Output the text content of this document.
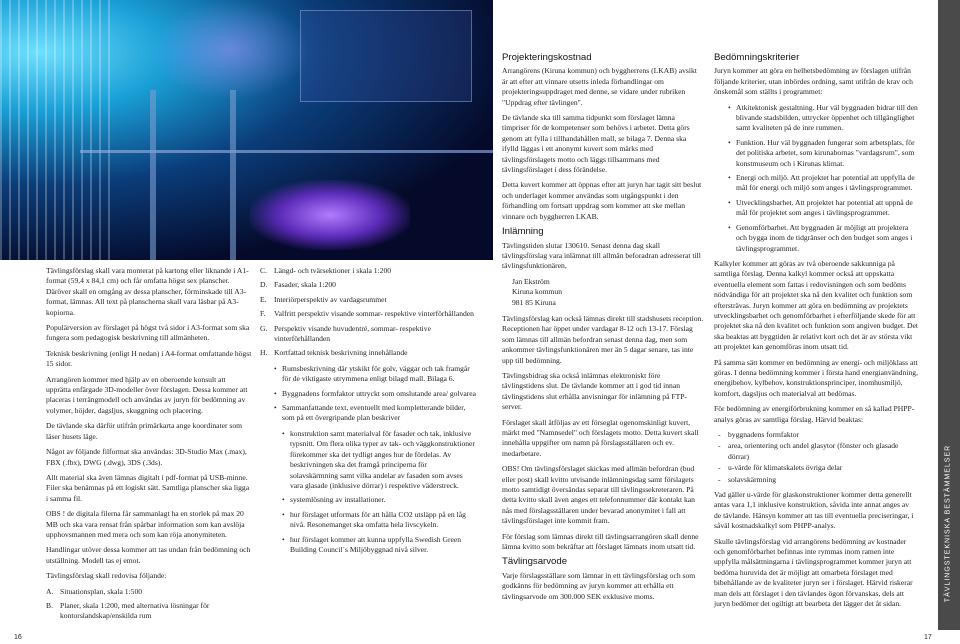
Tävlingsförslag skall vara monterat på kartong eller liknande i A1-format (59,4 x 84,1 cm) och får omfatta högst sex planscher. Däröver skall en omgång av dessa planscher, förminskade till A3-format, lämnas. All text på planscherna skall vara läsbar på A3-kopiorna.

Populärversion av förslaget på högst två sidor i A3-format som ska fungera som pedagogisk beskrivning till allmänheten.

Teknisk beskrivning (enligt H nedan) i A4-format omfattande högst 15 sidor.

Arrangören kommer med hjälp av en oberoende konsult att upprätta enfärgade 3D-modeller över förslagen. Dessa kommer att placeras i terrängmodell och användas av juryn för bedömning av volymer, höjder, dagsljus, skuggning och placering.

De tävlande ska därför utifrån primärkarta ange koordinater som läser husets läge.

Något av följande filformat ska användas: 3D-Studio Max (.max), FBX (.fbx), DWG (.dwg), 3DS (.3ds).

Allt material ska även lämnas digitalt i pdf-format på USB-minne. Filer ska benämnas på ett logiskt sätt. Samtliga planscher ska ligga i samma fil.

OBS ! de digitala filerna får sammanlagt ha en storlek på max 20 MB och ska vara rensat från spårbar information som kan avslöja upphovsmannen med mera och som kan röja anonymiteten.

Handlingar utöver dessa kommer att tas undan från bedömning och utställning. Modell tas ej emot.

Tävlingsförslag skall redovisa följande:

A. Situationsplan, skala 1:500
B. Planer, skala 1:200, med alternativa lösningar för kontorslandskap/enskilda rum
C. Längd- och tvärsektioner i skala 1:200
D. Fasader, skala 1:200
E. Interiörperspektiv av vardagsrummet
F.	Valfritt perspektiv visande sommar- respektive vinterförhållanden
G. Perspektiv visande huvudentré, sommar- respektive vinterförhållanden
H. Kortfattad teknisk beskrivning innehållande
• Rumsbeskrivning där ytskikt för golv, väggar och tak framgår för de viktigaste utrymmena enligt bilagd mall. Bilaga 6.
• Byggnadens formfaktor uttryckt som omslutande area/ golvarea
• Sammanfattande text, eventuellt med kompletterande bilder, som på ett övergripande plan beskriver
• konstruktion samt materialval för fasader och tak, inklusive typsnitt. Om flera olika typer av tak- och väggkonstruktioner förekommer ska det tydligt anges hur de fördelas. Av beskrivningen ska det framgå principerna för solavskärmning samt vilka andelar av fasaden som avses vara glasade (inklusive dörrar) i respektive väderstreck.
• systemlösning av installationer.
• hur förslaget utformats för att hålla CO2 utsläpp på en låg nivå. Resonemanget ska omfatta hela livscykeln.
• hur förslaget kommer att kunna uppfylla Swedish Green Building Council´s Miljöbyggnad nivå silver.
Projekteringskostnad

Arrangörens (Kiruna kommun) och byggherrens (LKAB) avsikt är att efter att vinnare utsetts inleda förhandlingar om projekteringsuppdraget med denne, se vidare under rubriken "Uppdrag efter tävlingen".

De tävlande ska till samma tidpunkt som förslaget lämna timpriser för de kompetenser som behövs i arbetet. Detta görs genom att fylla i tillhandahållen mall, se bilaga 7. Denna ska ifylld läggas i ett anonymt kuvert som märks med tävlingsförslagets motto och läggs tillsammans med tävlingsförslaget i dess förändelse.

Detta kuvert kommer att öppnas efter att juryn har tagit sitt beslut och underlaget kommer användas som utgångspunkt i den förhandling om fortsatt uppdrag som kommer att ske mellan vinnare och byggherren LKAB.

Inlämning

Tävlingstiden slutar 130610. Senast denna dag skall tävlingsförslag vara inlämnat till allmän beforadran adresserat till tävlingsfunktionären,

Jan Ekström

Kiruna kommun

981 85 Kiruna

Tävlingsförslag kan också lämnas direkt till stadshusets reception. Receptionen har öppet under vardagar 8-12 och 13-17. Förslag som lämnas till allmän befordran senast denna dag, men som ankommer tävlingsfunktionären mer än 5 dagar senare, tas inte upp till bedömning.

Tävlingsbidrag ska också inlämnas elektroniskt före tävlingstidens slut. De tävlande kommer att i god tid innan tävlingstidens slut erhålla anvisningar för inlämning på FTP-server.

Förslaget skall åtföljas av ett förseglat ogenomskinligt kuvert, märkt med "Namnsedel" och förslagets motto. Detta kuvert skall innehålla uppgifter om namn på förslagsställaren och ev. medarbetare.

OBS! Om tävlingsförslaget skickas med allmän befordran (bud eller post) skall kvitto utvisande inlämningsdag samt förslagets motto samtidigt översändas separat till tävlingssekreteraren. På detta kvitto skall även anges ett telefonnummer där kontakt kan nås med förslagsställaren under bevarad anonymitet i fall att tävlingsförslaget inte kommit fram.

För förslag som lämnas direkt till tävlingsarrangören skall denne lämna kvitto som bekräftar att förslaget lämnats inom utsatt tid.

Tävlingsarvode

Varje förslagsställare som lämnar in ett tävlingsförslag och som godkänns för bedömning av juryn kommer att erhålla ett tävlingsarvode om 300.000 SEK exklusive moms.

Bedömningskriterier

Juryn kommer att göra en helhetsbedömning av förslagen utifrån följande kriterier, utan inbördes ordning, samt utifrån de krav och önskemål som ställts i programmet:

• Atkitektonisk gestaltning. Hur väl byggnaden bidrar till den blivande stadsbilden, uttrycker öppenhet och tillgänglighet samt kvaliteten på de inre rummen.
• Funktion. Hur väl byggnaden fungerar som arbetsplats, för det politiska arbetet, som kirunabornas "vardagsrum", som konstmuseum och i Kirunas klimat.
• Energi och miljö. Att projektet har potential att uppfylla de mål för energi och miljö som anges i tävlingsprogrammet.
• Utvecklingsbarhet. Att projektet har potential att uppnå de mål för projektet som anges i tävlingsprogrammet.
• Genomförbarhet. Att byggnaden är möjligt att projektera och bygga inom de tidgränser och den budget som anges i tävlingsprogrammet.

Kalkyler kommer att göras av två oberoende sakkunniga på samtliga förslag. Denna kalkyl kommer också att uppskatta eventuella element som fattas i redovisningen och som bedöms nödvändiga för att projektet ska nå den kvalitet och funktion som eftersträvas. Juryn kommer att göra en bedömning av projektets utvecklingsbarhet och genomförbarhet i efterföljande skede för att projektet ska nå den kvalitet och funktion som angiven budget. Det ska beaktas att byggtiden är relativt kort och det är av största vikt att projektet kan genomföras inom utsatt tid.

På samma sätt kommer en bedömning av energi- och miljöklass att göras. I denna bedömning kommer i första hand energianvändning, energibehov, kylbehov, konstruktionsprinciper, inomhusmiljö, komfort, dagsljus och materialval att bedömas.

För bedömning av energiförbrukning kommer en så kallad PHPP-analys göras av samtliga förslag. Härvid beaktas:

- byggnadens formfaktor
- area, orientering och andel glasytor (fönster och glasade dörrar)
- u-värde för klimatskalets övriga delar
- solavskärmning

Vad gäller u-värde för glaskonstruktioner kommer detta generellt antas vara 1,1 inklusive konstruktion, såvida inte annat anges av de tävlande. Hänsyn kommer att tas till eventuella preciseringar, i såväl kostnadskalkyl som PHPP-analys.

Skulle tävlingsförslag vid arrangörens bedömning av kostnader och genomförbarhet befinnas inte rymmas inom ramen inte uppfylla målsättningarna i tävlingsprogrammet kommer juryn att bedöma huruvida det är möjligt att omarbeta förslaget med bibehållande av de kvaliteter juryn ser i förslaget. Härvid riskerar man dels att förslaget i den tävlandes ögon förvanskas, dels att juryn bedömer det ogiltigt att bearbeta det lägger det åt sidan.

TÄVLINGSTEKNISKA BESTÄMMELSER
16	17
